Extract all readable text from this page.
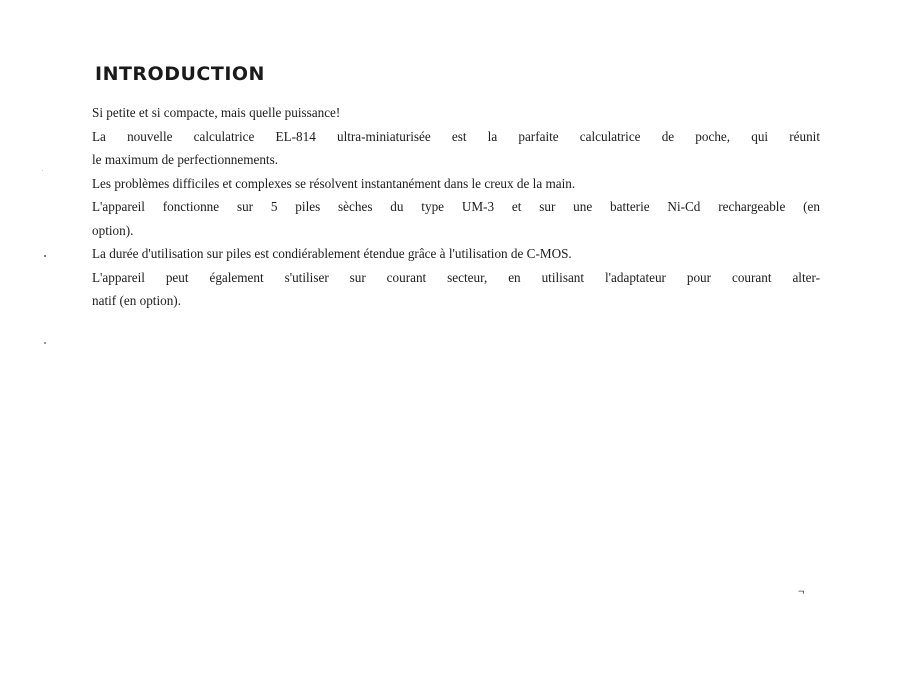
INTRODUCTION
Si petite et si compacte, mais quelle puissance!
La nouvelle calculatrice EL-814 ultra-miniaturisée est la parfaite calculatrice de poche, qui réunit
le maximum de perfectionnements.
Les problèmes difficiles et complexes se résolvent instantanément dans le creux de la main.
L'appareil fonctionne sur 5 piles sèches du type UM-3 et sur une batterie Ni-Cd rechargeable (en
option).
La durée d'utilisation sur piles est condiérablement étendue grâce à l'utilisation de C-MOS.
L'appareil peut également s'utiliser sur courant secteur, en utilisant l'adaptateur pour courant alter-
natif (en option).
¬
